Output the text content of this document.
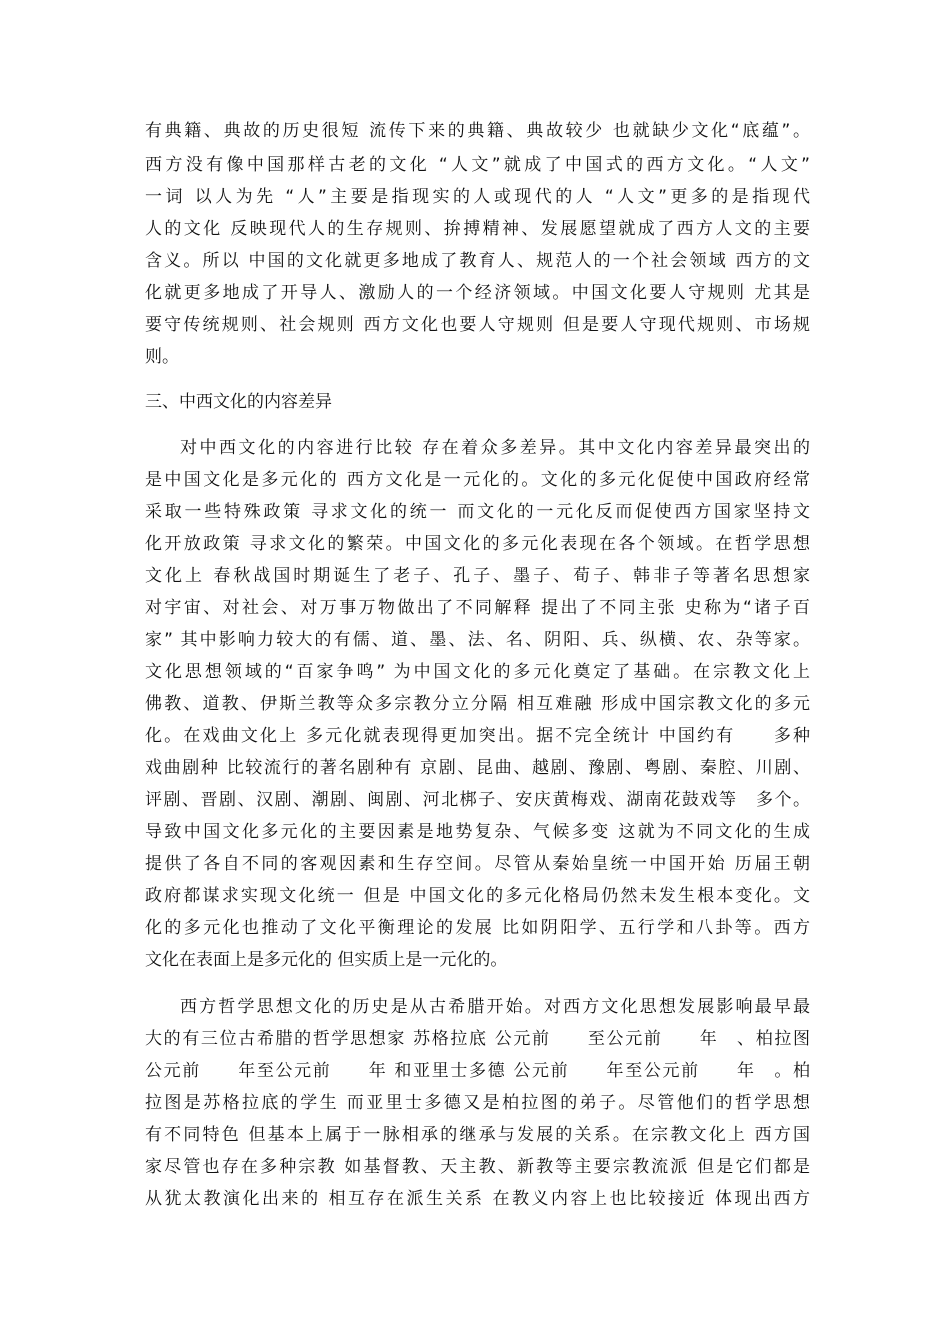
有典籍、典故的历史很短 流传下来的典籍、典故较少 也就缺少文化“底蕴”。
西方没有像中国那样古老的文化 “人文”就成了中国式的西方文化。“人文”
一词 以人为先 “人”主要是指现实的人或现代的人 “人文”更多的是指现代
人的文化 反映现代人的生存规则、拚搏精神、发展愿望就成了西方人文的主要
含义。所以 中国的文化就更多地成了教育人、规范人的一个社会领域 西方的文
化就更多地成了开导人、激励人的一个经济领域。中国文化要人守规则 尤其是
要守传统规则、社会规则 西方文化也要人守规则 但是要人守现代规则、市场规
则。
三、中西文化的内容差异
对中西文化的内容进行比较 存在着众多差异。其中文化内容差异最突出的
是中国文化是多元化的 西方文化是一元化的。文化的多元化促使中国政府经常
采取一些特殊政策 寻求文化的统一 而文化的一元化反而促使西方国家坚持文
化开放政策 寻求文化的繁荣。中国文化的多元化表现在各个领域。在哲学思想
文化上 春秋战国时期诞生了老子、孔子、墨子、荀子、韩非子等著名思想家
对宇宙、对社会、对万事万物做出了不同解释 提出了不同主张 史称为“诸子百
家” 其中影响力较大的有儒、道、墨、法、名、阴阳、兵、纵横、农、杂等家。
文化思想领域的“百家争鸣” 为中国文化的多元化奠定了基础。在宗教文化上
佛教、道教、伊斯兰教等众多宗教分立分隔 相互难融 形成中国宗教文化的多元
化。在戏曲文化上 多元化就表现得更加突出。据不完全统计 中国约有　　多种
戏曲剧种 比较流行的著名剧种有 京剧、昆曲、越剧、豫剧、粤剧、秦腔、川剧、
评剧、晋剧、汉剧、潮剧、闽剧、河北梆子、安庆黄梅戏、湖南花鼓戏等　多个。
导致中国文化多元化的主要因素是地势复杂、气候多变 这就为不同文化的生成
提供了各自不同的客观因素和生存空间。尽管从秦始皇统一中国开始 历届王朝
政府都谋求实现文化统一 但是 中国文化的多元化格局仍然未发生根本变化。文
化的多元化也推动了文化平衡理论的发展 比如阴阳学、五行学和八卦等。西方
文化在表面上是多元化的 但实质上是一元化的。
西方哲学思想文化的历史是从古希腊开始。对西方文化思想发展影响最早最
大的有三位古希腊的哲学思想家 苏格拉底 公元前　　至公元前　　年　、柏拉图
公元前　　年至公元前　　年 和亚里士多德 公元前　　年至公元前　　年　。柏
拉图是苏格拉底的学生 而亚里士多德又是柏拉图的弟子。尽管他们的哲学思想
有不同特色 但基本上属于一脉相承的继承与发展的关系。在宗教文化上 西方国
家尽管也存在多种宗教 如基督教、天主教、新教等主要宗教流派 但是它们都是
从犹太教演化出来的 相互存在派生关系 在教义内容上也比较接近 体现出西方
